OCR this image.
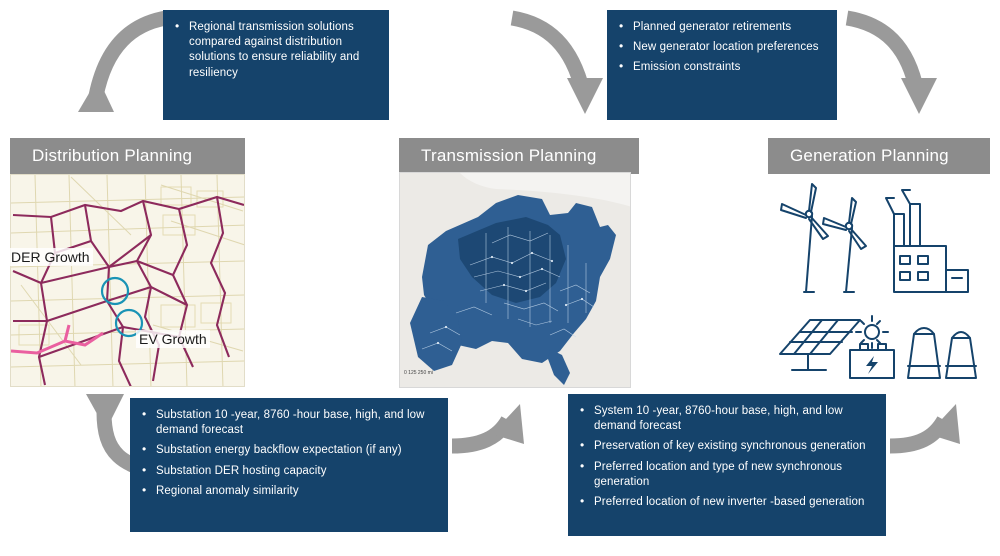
• Regional transmission solutions compared against distribution solutions to ensure reliability and resiliency
• Planned generator retirements
• New generator location preferences
• Emission constraints
Distribution Planning	Transmission Planning	Generation Planning
DER Growth
EV Growth
0 125 250 mi
• Substation 10 -year, 8760 -hour base, high, and low demand forecast
• Substation energy backflow expectation (if any)
• Substation DER hosting capacity
• Regional anomaly similarity
• System 10 -year, 8760-hour base, high, and low demand forecast
• Preservation of key existing synchronous generation
• Preferred location and type of new synchronous generation
• Preferred location of new inverter -based generation
